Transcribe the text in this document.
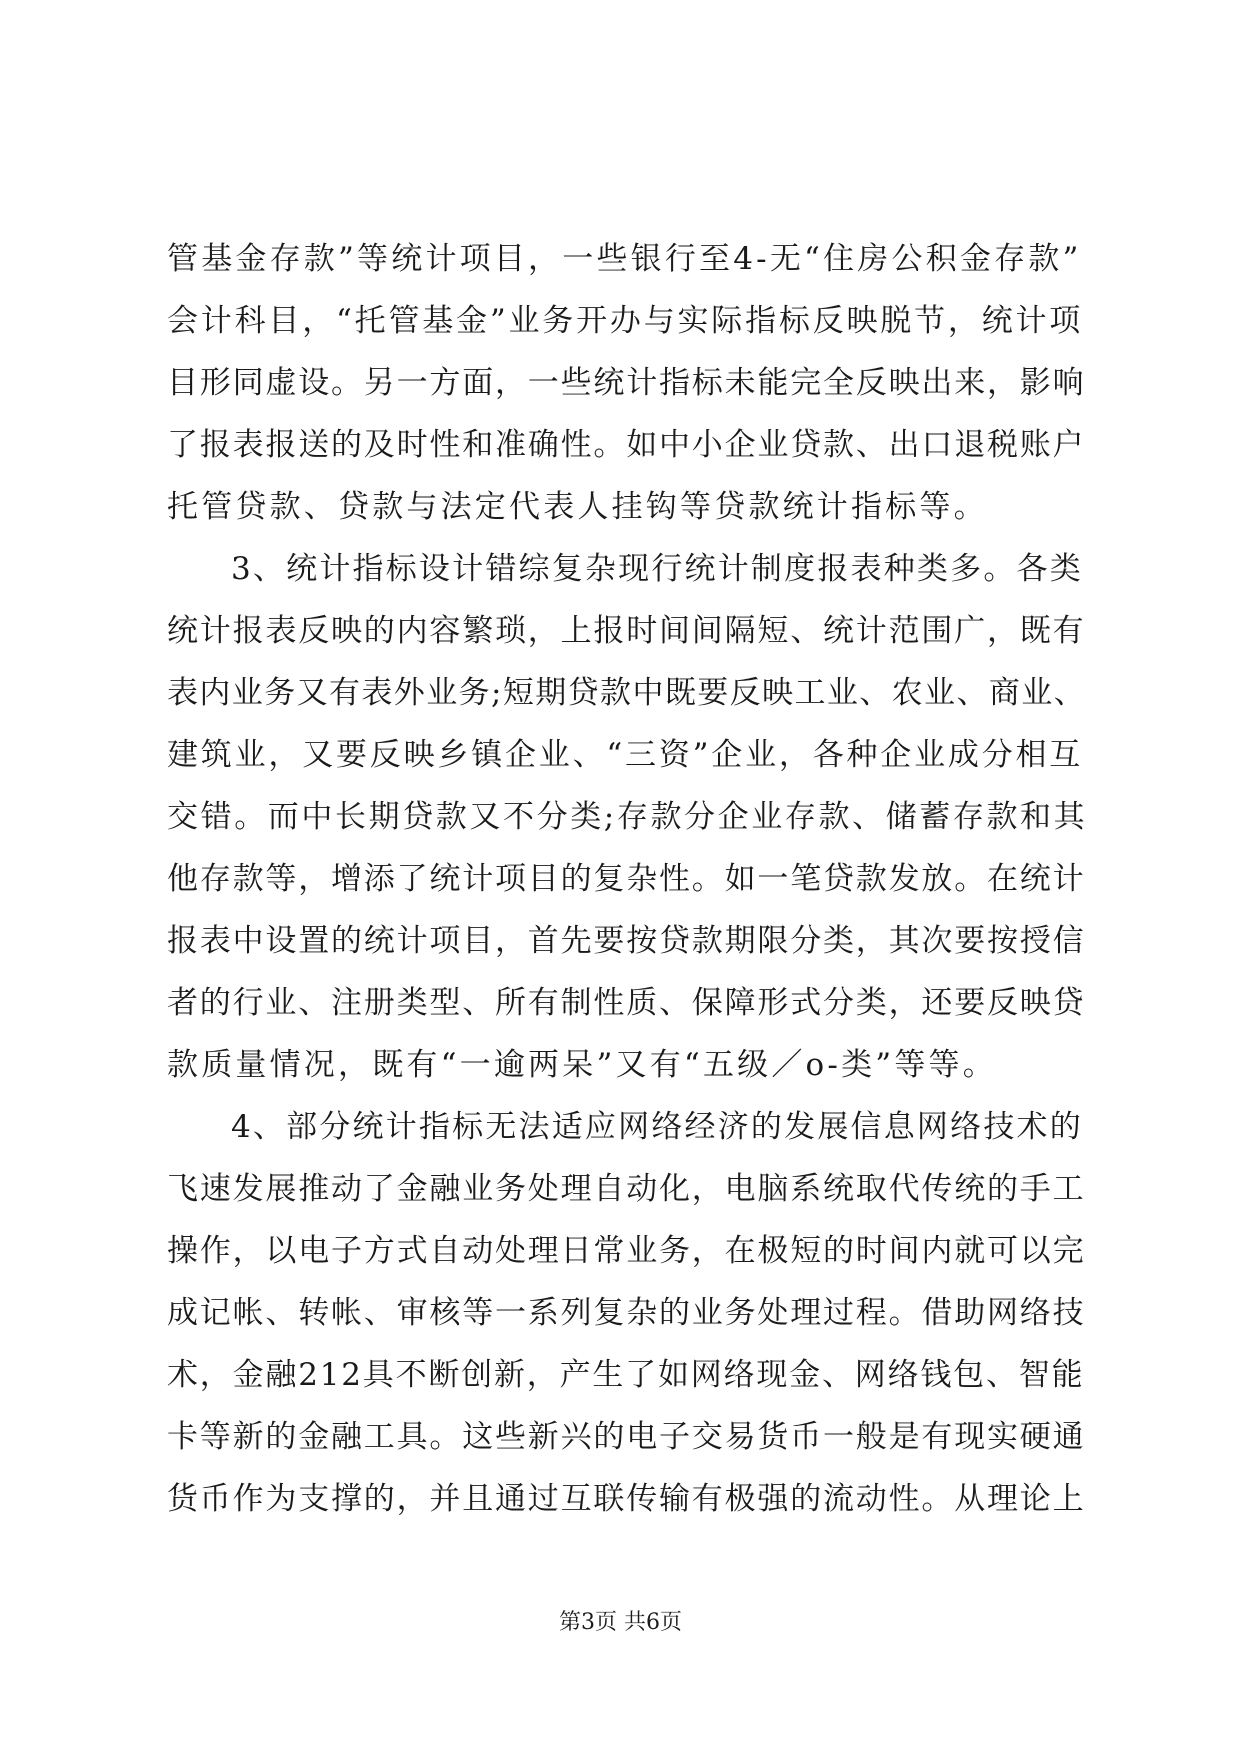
管基金存款”等统计项目，一些银行至4-无“住房公积金存款”
会计科目，“托管基金”业务开办与实际指标反映脱节，统计项
目形同虚设。另一方面，一些统计指标未能完全反映出来，影响
了报表报送的及时性和准确性。如中小企业贷款、出口退税账户
托管贷款、贷款与法定代表人挂钩等贷款统计指标等。
3、统计指标设计错综复杂现行统计制度报表种类多。各类
统计报表反映的内容繁琐，上报时间间隔短、统计范围广，既有
表内业务又有表外业务;短期贷款中既要反映工业、农业、商业、
建筑业，又要反映乡镇企业、“三资”企业，各种企业成分相互
交错。而中长期贷款又不分类;存款分企业存款、储蓄存款和其
他存款等，增添了统计项目的复杂性。如一笔贷款发放。在统计
报表中设置的统计项目，首先要按贷款期限分类，其次要按授信
者的行业、注册类型、所有制性质、保障形式分类，还要反映贷
款质量情况，既有“一逾两呆”又有“五级／o-类”等等。
4、部分统计指标无法适应网络经济的发展信息网络技术的
飞速发展推动了金融业务处理自动化，电脑系统取代传统的手工
操作，以电子方式自动处理日常业务，在极短的时间内就可以完
成记帐、转帐、审核等一系列复杂的业务处理过程。借助网络技
术，金融212具不断创新，产生了如网络现金、网络钱包、智能
卡等新的金融工具。这些新兴的电子交易货币一般是有现实硬通
货币作为支撑的，并且通过互联传输有极强的流动性。从理论上
第3页 共6页
